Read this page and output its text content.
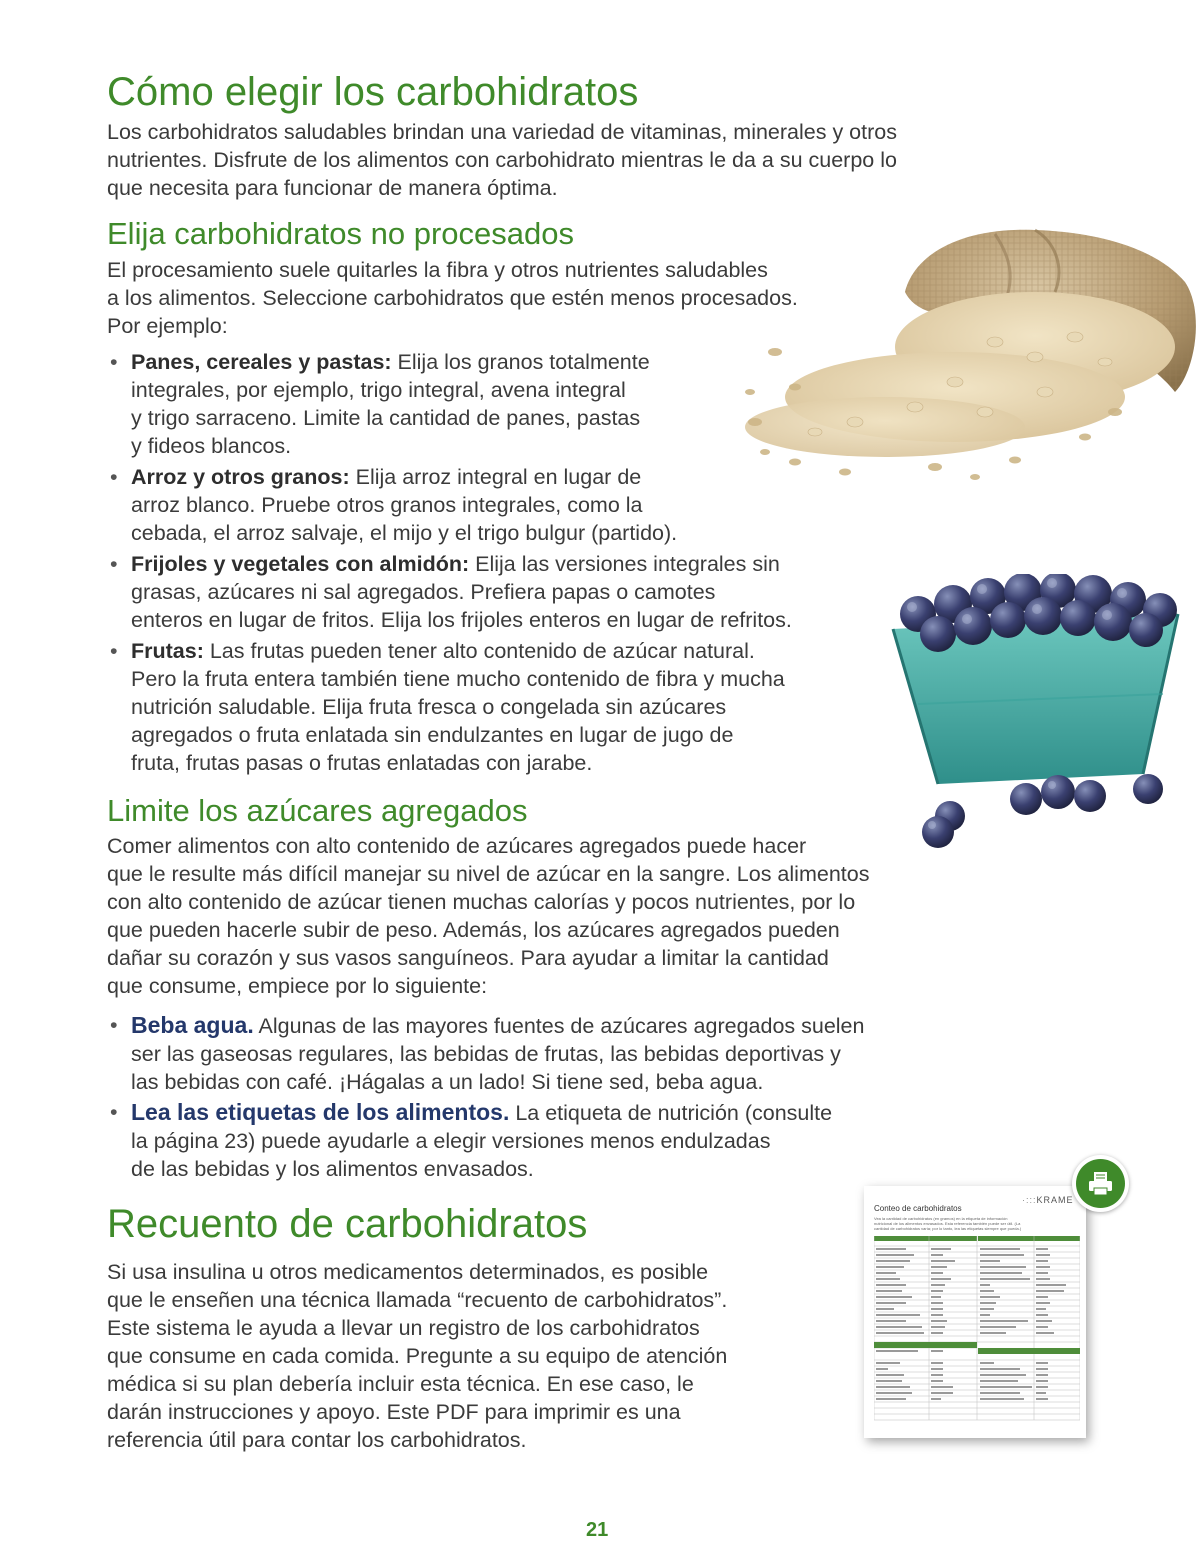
Cómo elegir los carbohidratos

Los carbohidratos saludables brindan una variedad de vitaminas, minerales y otros

nutrientes. Disfrute de los alimentos con carbohidrato mientras le da a su cuerpo lo

que necesita para funcionar de manera óptima.

Elija carbohidratos no procesados

El procesamiento suele quitarles la fibra y otros nutrientes saludables

a los alimentos. Seleccione carbohidratos que estén menos procesados.

Por ejemplo:

• Panes, cereales y pastas: Elija los granos totalmente
integrales, por ejemplo, trigo integral, avena integral
y trigo sarraceno. Limite la cantidad de panes, pastas
y fideos blancos.
• Arroz y otros granos: Elija arroz integral en lugar de
arroz blanco. Pruebe otros granos integrales, como la
cebada, el arroz salvaje, el mijo y el trigo bulgur (partido).
• Frijoles y vegetales con almidón: Elija las versiones integrales sin
grasas, azúcares ni sal agregados. Prefiera papas o camotes
enteros en lugar de fritos. Elija los frijoles enteros en lugar de refritos.
• Frutas: Las frutas pueden tener alto contenido de azúcar natural.
Pero la fruta entera también tiene mucho contenido de fibra y mucha
nutrición saludable. Elija fruta fresca o congelada sin azúcares
agregados o fruta enlatada sin endulzantes en lugar de jugo de
fruta, frutas pasas o frutas enlatadas con jarabe.
Limite los azúcares agregados

Comer alimentos con alto contenido de azúcares agregados puede hacer

que le resulte más difícil manejar su nivel de azúcar en la sangre. Los alimentos

con alto contenido de azúcar tienen muchas calorías y pocos nutrientes, por lo

que pueden hacerle subir de peso. Además, los azúcares agregados pueden

dañar su corazón y sus vasos sanguíneos. Para ayudar a limitar la cantidad

que consume, empiece por lo siguiente:

• Beba agua. Algunas de las mayores fuentes de azúcares agregados suelen
ser las gaseosas regulares, las bebidas de frutas, las bebidas deportivas y
las bebidas con café. ¡Hágalas a un lado! Si tiene sed, beba agua.
• Lea las etiquetas de los alimentos. La etiqueta de nutrición (consulte
la página 23) puede ayudarle a elegir versiones menos endulzadas
de las bebidas y los alimentos envasados.
Recuento de carbohidratos

Si usa insulina u otros medicamentos determinados, es posible

que le enseñen una técnica llamada “recuento de carbohidratos”.

Este sistema le ayuda a llevar un registro de los carbohidratos

que consume en cada comida. Pregunte a su equipo de atención

médica si su plan debería incluir esta técnica. En ese caso, le

darán instrucciones y apoyo. Este PDF para imprimir es una

referencia útil para contar los carbohidratos.

·:::KRAME
Conteo de carbohidratos
Vea la cantidad de carbohidratos (en gramos) en la etiqueta de información
nutricional de los alimentos envasados. Esta referencia también puede ser útil. (La
cantidad de carbohidratos varía; por lo tanto, lea las etiquetas siempre que pueda.)
21
